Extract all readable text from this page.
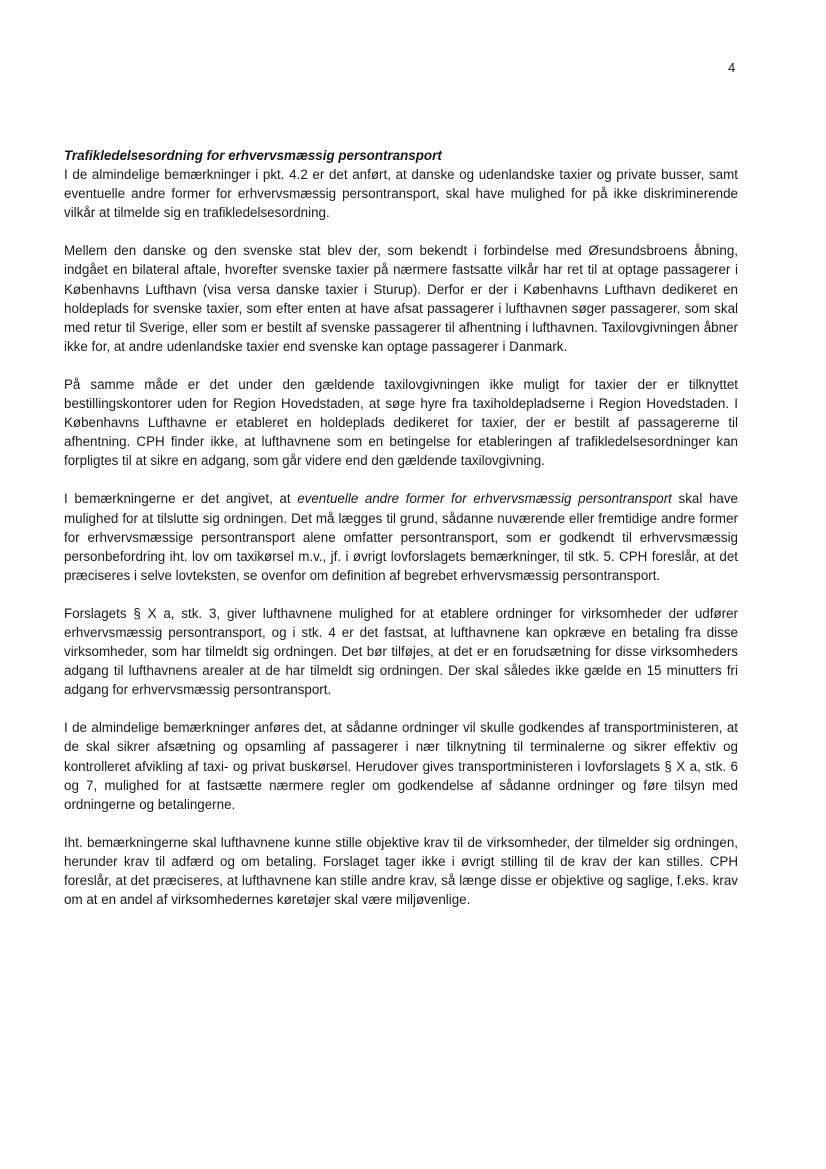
4

Trafikledelsesordning for erhvervsmæssig persontransport

I de almindelige bemærkninger i pkt. 4.2 er det anført, at danske og udenlandske taxier og private busser, samt eventuelle andre former for erhvervsmæssig persontransport, skal have mulighed for på ikke diskriminerende vilkår at tilmelde sig en trafikledelsesordning.

Mellem den danske og den svenske stat blev der, som bekendt i forbindelse med Øresundsbroens åbning, indgået en bilateral aftale, hvorefter svenske taxier på nærmere fastsatte vilkår har ret til at optage passagerer i Københavns Lufthavn (visa versa danske taxier i Sturup). Derfor er der i Københavns Lufthavn dedikeret en holdeplads for svenske taxier, som efter enten at have afsat passagerer i lufthavnen søger passagerer, som skal med retur til Sverige, eller som er bestilt af svenske passagerer til afhentning i lufthavnen. Taxilovgivningen åbner ikke for, at andre udenlandske taxier end svenske kan optage passagerer i Danmark.

På samme måde er det under den gældende taxilovgivningen ikke muligt for taxier der er tilknyttet bestillingskontorer uden for Region Hovedstaden, at søge hyre fra taxiholdepladserne i Region Hovedstaden. I Københavns Lufthavne er etableret en holdeplads dedikeret for taxier, der er bestilt af passagererne til afhentning. CPH finder ikke, at lufthavnene som en betingelse for etableringen af trafikledelsesordninger kan forpligtes til at sikre en adgang, som går videre end den gældende taxilovgivning.

I bemærkningerne er det angivet, at eventuelle andre former for erhvervsmæssig persontransport skal have mulighed for at tilslutte sig ordningen. Det må lægges til grund, sådanne nuværende eller fremtidige andre former for erhvervsmæssige persontransport alene omfatter persontransport, som er godkendt til erhvervsmæssig personbefordring iht. lov om taxikørsel m.v., jf. i øvrigt lovforslagets bemærkninger, til stk. 5. CPH foreslår, at det præciseres i selve lovteksten, se ovenfor om definition af begrebet erhvervsmæssig persontransport.

Forslagets § X a, stk. 3, giver lufthavnene mulighed for at etablere ordninger for virksomheder der udfører erhvervsmæssig persontransport, og i stk. 4 er det fastsat, at lufthavnene kan opkræve en betaling fra disse virksomheder, som har tilmeldt sig ordningen. Det bør tilføjes, at det er en forudsætning for disse virksomheders adgang til lufthavnens arealer at de har tilmeldt sig ordningen. Der skal således ikke gælde en 15 minutters fri adgang for erhvervsmæssig persontransport.

I de almindelige bemærkninger anføres det, at sådanne ordninger vil skulle godkendes af transportministeren, at de skal sikrer afsætning og opsamling af passagerer i nær tilknytning til terminalerne og sikrer effektiv og kontrolleret afvikling af taxi- og privat buskørsel. Herudover gives transportministeren i lovforslagets § X a, stk. 6 og 7, mulighed for at fastsætte nærmere regler om godkendelse af sådanne ordninger og føre tilsyn med ordningerne og betalingerne.

Iht. bemærkningerne skal lufthavnene kunne stille objektive krav til de virksomheder, der tilmelder sig ordningen, herunder krav til adfærd og om betaling. Forslaget tager ikke i øvrigt stilling til de krav der kan stilles. CPH foreslår, at det præciseres, at lufthavnene kan stille andre krav, så længe disse er objektive og saglige, f.eks. krav om at en andel af virksomhedernes køretøjer skal være miljøvenlige.
